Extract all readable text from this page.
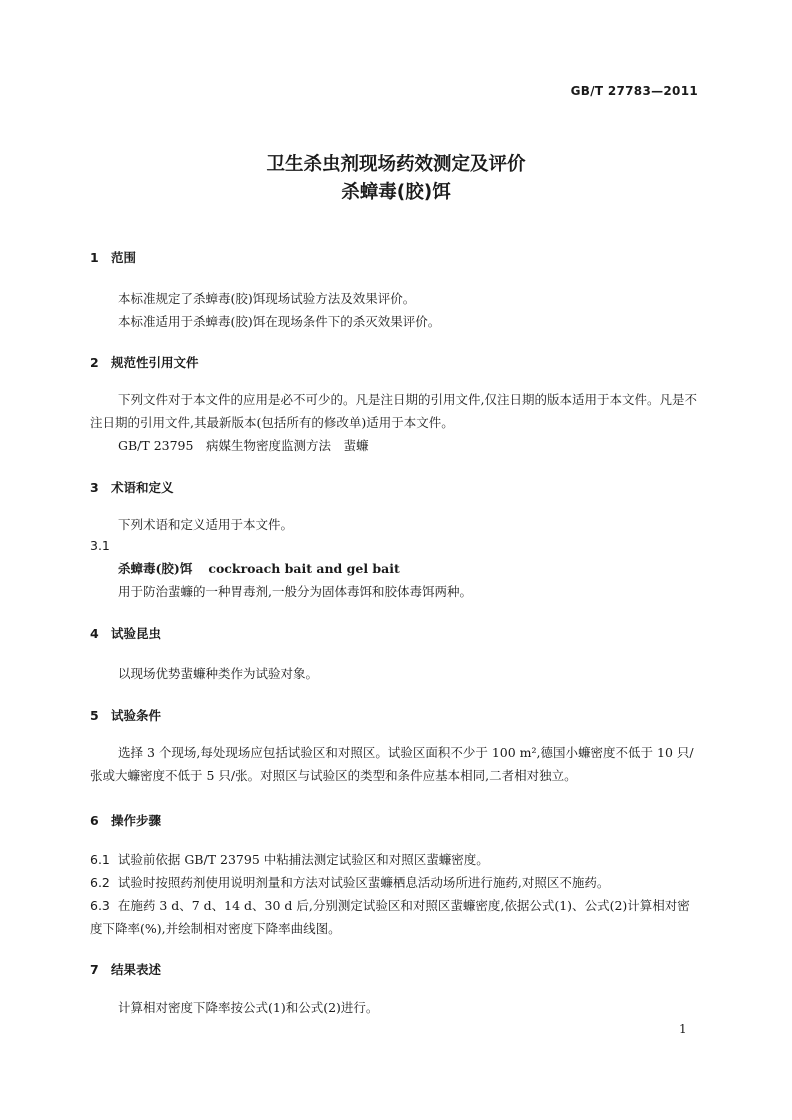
GB/T 27783—2011
卫生杀虫剂现场药效测定及评价
杀蟑毒(胶)饵
1 范围
本标准规定了杀蟑毒(胶)饵现场试验方法及效果评价。
本标准适用于杀蟑毒(胶)饵在现场条件下的杀灭效果评价。
2 规范性引用文件
下列文件对于本文件的应用是必不可少的。凡是注日期的引用文件,仅注日期的版本适用于本文件。凡是不注日期的引用文件,其最新版本(包括所有的修改单)适用于本文件。
GB/T 23795　病媒生物密度监测方法　蜚蠊
3 术语和定义
下列术语和定义适用于本文件。
3.1
杀蟑毒(胶)饵 cockroach bait and gel bait
用于防治蜚蠊的一种胃毒剂,一般分为固体毒饵和胶体毒饵两种。
4 试验昆虫
以现场优势蜚蠊种类作为试验对象。
5 试验条件
选择 3 个现场,每处现场应包括试验区和对照区。试验区面积不少于 100 m²,德国小蠊密度不低于 10 只/张或大蠊密度不低于 5 只/张。对照区与试验区的类型和条件应基本相同,二者相对独立。
6 操作步骤
6.1 试验前依据 GB/T 23795 中粘捕法测定试验区和对照区蜚蠊密度。
6.2 试验时按照药剂使用说明剂量和方法对试验区蜚蠊栖息活动场所进行施药,对照区不施药。
6.3 在施药 3 d、7 d、14 d、30 d 后,分别测定试验区和对照区蜚蠊密度,依据公式(1)、公式(2)计算相对密度下降率(%),并绘制相对密度下降率曲线图。
7 结果表述
计算相对密度下降率按公式(1)和公式(2)进行。
1
